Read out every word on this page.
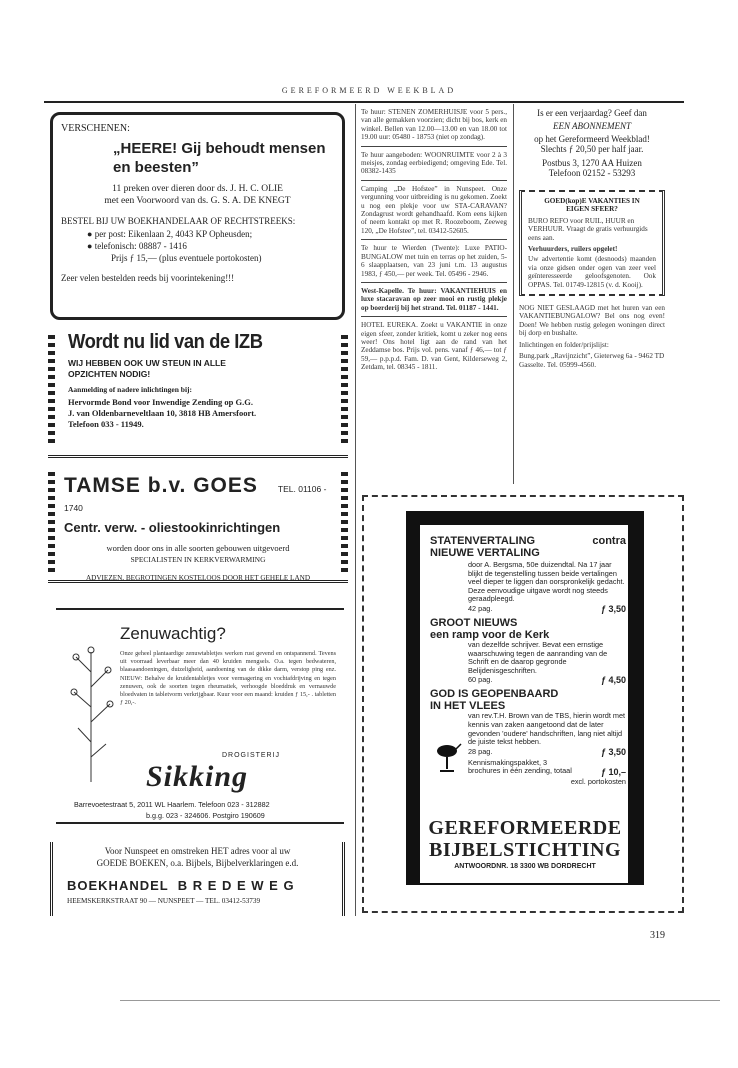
GEREFORMEERD WEEKBLAD

VERSCHENEN:

„HEERE! Gij behoudt mensen

en beesten”

11 preken over dieren door ds. J. H. C. OLIE

met een Voorwoord van ds. G. S. A. DE KNEGT

BESTEL BIJ UW BOEKHANDELAAR OF RECHTSTREEKS:

● per post: Eikenlaan 2, 4043 KP Opheusden;

● telefonisch: 08887 - 1416

Prijs ƒ 15,— (plus eventuele portokosten)

Zeer velen bestelden reeds bij voorintekening!!!

Wordt nu lid van de IZB

WIJ HEBBEN OOK UW STEUN IN ALLE

OPZICHTEN NODIG!

Aanmelding of nadere inlichtingen bij:

Hervormde Bond voor Inwendige Zending op G.G.

J. van Oldenbarneveltlaan 10, 3818 HB Amersfoort.

Telefoon 033 - 11949.

TAMSE b.v. GOES TEL. 01106 - 1740

Centr. verw. - oliestookinrichtingen

worden door ons in alle soorten gebouwen uitgevoerd

SPECIALISTEN IN KERKVERWARMING

ADVIEZEN, BEGROTINGEN KOSTELOOS DOOR HET GEHELE LAND

Zenuwachtig?

Onze geheel plantaardige zenuwtabletjes werken rust gevend en ontspannend. Tevens uit voorraad leverbaar meer dan 40 kruiden mengsels. O.a. tegen bedwateren, blaasaandoeningen, duizeligheid, aandoening van de dikke darm, verstop ping enz. NIEUW: Behalve de kruidentabletjes voor vermagering en vochtafdrijving en tegen zenuwen, ook de soorten tegen rheumatiek, verhoogde bloeddruk en vernauwde bloedvaten in tabletvorm verkrijgbaar. Kuur voor een maand: kruiden ƒ 15,- . tabletten ƒ 20,-.

DROGISTERIJ

Sikking

Barrevoetestraat 5, 2011 WL Haarlem. Telefoon 023 - 312882

b.g.g. 023 - 324606. Postgiro 190609

Voor Nunspeet en omstreken HET adres voor al uw

GOEDE BOEKEN, o.a. Bijbels, Bijbelverklaringen e.d.

BOEKHANDEL  B R E D E W E G

HEEMSKERKSTRAAT 90 — NUNSPEET — TEL. 03412-53739

Te huur: STENEN ZOMERHUISJE voor 5 pers., van alle gemakken voorzien; dicht bij bos, kerk en winkel. Bellen van 12.00—13.00 en van 18.00 tot 19.00 uur: 05480 - 18753 (niet op zondag).

Te huur aangeboden: WOONRUIMTE voor 2 à 3 meisjes, zondag eerbiedigend; omgeving Ede. Tel. 08382-1435

Camping „De Hofstee” in Nunspeet. Onze vergunning voor uitbreiding is nu gekomen. Zoekt u nog een plekje voor uw STA-CARAVAN? Zondagrust wordt gehandhaafd. Kom eens kijken of neem kontakt op met R. Roozeboom, Zeeweg 120, „De Hofstee”, tel. 03412-52605.

Te huur te Wierden (Twente): Luxe PATIO-BUNGALOW met tuin en terras op het zuiden, 5-6 slaapplaatsen, van 23 juni t.m. 13 augustus 1983, ƒ 450,— per week. Tel. 05496 - 2946.

West-Kapelle. Te huur: VAKANTIEHUIS en luxe stacaravan op zeer mooi en rustig plekje op boerderij bij het strand. Tel. 01187 - 1441.

HOTEL EUREKA. Zoekt u VAKANTIE in onze eigen sfeer, zonder kritiek, komt u zeker nog eens weer! Ons hotel ligt aan de rand van het Zeddamse bos. Prijs vol. pens. vanaf ƒ 46,— tot ƒ 59,— p.p.p.d. Fam. D. van Gent, Kilderseweg 2, Zetdam, tel. 08345 - 1811.

Is er een verjaardag? Geef dan

EEN ABONNEMENT

op het Gereformeerd Weekblad!

Slechts ƒ 20,50 per half jaar.

Postbus 3, 1270 AA Huizen

Telefoon 02152 - 53293

GOED(kop)E VAKANTIES IN EIGEN SFEER?

BURO REFO voor RUIL, HUUR en VERHUUR. Vraagt de gratis verhuurgids eens aan.

Verhuurders, ruilers opgelet!

Uw advertentie komt (desnoods) maanden via onze gidsen onder ogen van zeer veel geïnteresseerde geloofsgenoten. Ook OPPAS. Tel. 01749-12815 (v. d. Kooij).

NOG NIET GESLAAGD met het huren van een VAKANTIEBUNGALOW? Bel ons nog even! Doen! We hebben rustig gelegen woningen direct bij dorp en bushalte.

Inlichtingen en folder/prijslijst:

Bung.park „Ravijnzicht”, Gieterweg 6a - 9462 TD Gasselte. Tel. 05999-4560.

STATENVERTALING	contra

NIEUWE VERTALING

door A. Bergsma, 50e duizendtal. Na 17 jaar blijkt de tegenstelling tussen beide vertalingen veel dieper te liggen dan oorspronkelijk gedacht. Deze eenvoudige uitgave wordt nog steeds geraadpleegd.

42 pag.	ƒ 3,50

GROOT NIEUWS

een ramp voor de Kerk

van dezelfde schrijver. Bevat een ernstige waarschuwing tegen de aanranding van de Schrift en de daarop gegronde Belijdenisgeschriften.

60 pag.	ƒ 4,50

GOD IS GEOPENBAARD

IN HET VLEES

van rev.T.H. Brown van de TBS, hierin wordt met kennis van zaken aangetoond dat de later gevonden 'oudere' handschriften, lang niet altijd de juiste tekst hebben.

28 pag.	ƒ 3,50

Kennismakingspakket, 3 brochures in één zending, totaal	ƒ 10,–

excl. portokosten

GEREFORMEERDE

BIJBELSTICHTING

ANTWOORDNR. 18 3300 WB DORDRECHT

319
